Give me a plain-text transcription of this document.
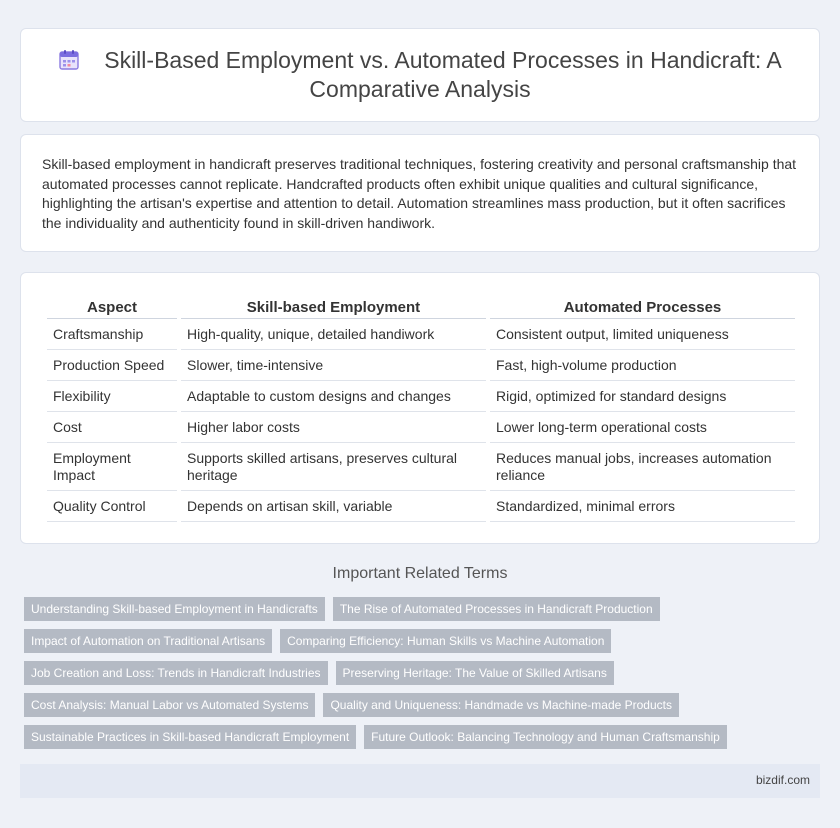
Skill-Based Employment vs. Automated Processes in Handicraft: A Comparative Analysis

Skill-based employment in handicraft preserves traditional techniques, fostering creativity and personal craftsmanship that automated processes cannot replicate. Handcrafted products often exhibit unique qualities and cultural significance, highlighting the artisan's expertise and attention to detail. Automation streamlines mass production, but it often sacrifices the individuality and authenticity found in skill-driven handiwork.

Aspect	Skill-based Employment	Automated Processes
Craftsmanship	High-quality, unique, detailed handiwork	Consistent output, limited uniqueness
Production Speed	Slower, time-intensive	Fast, high-volume production
Flexibility	Adaptable to custom designs and changes	Rigid, optimized for standard designs
Cost	Higher labor costs	Lower long-term operational costs
Employment Impact	Supports skilled artisans, preserves cultural heritage	Reduces manual jobs, increases automation reliance
Quality Control	Depends on artisan skill, variable	Standardized, minimal errors
Important Related Terms
Understanding Skill-based Employment in Handicrafts	The Rise of Automated Processes in Handicraft Production
Impact of Automation on Traditional Artisans	Comparing Efficiency: Human Skills vs Machine Automation
Job Creation and Loss: Trends in Handicraft Industries	Preserving Heritage: The Value of Skilled Artisans
Cost Analysis: Manual Labor vs Automated Systems	Quality and Uniqueness: Handmade vs Machine-made Products
Sustainable Practices in Skill-based Handicraft Employment	Future Outlook: Balancing Technology and Human Craftsmanship
bizdif.com
